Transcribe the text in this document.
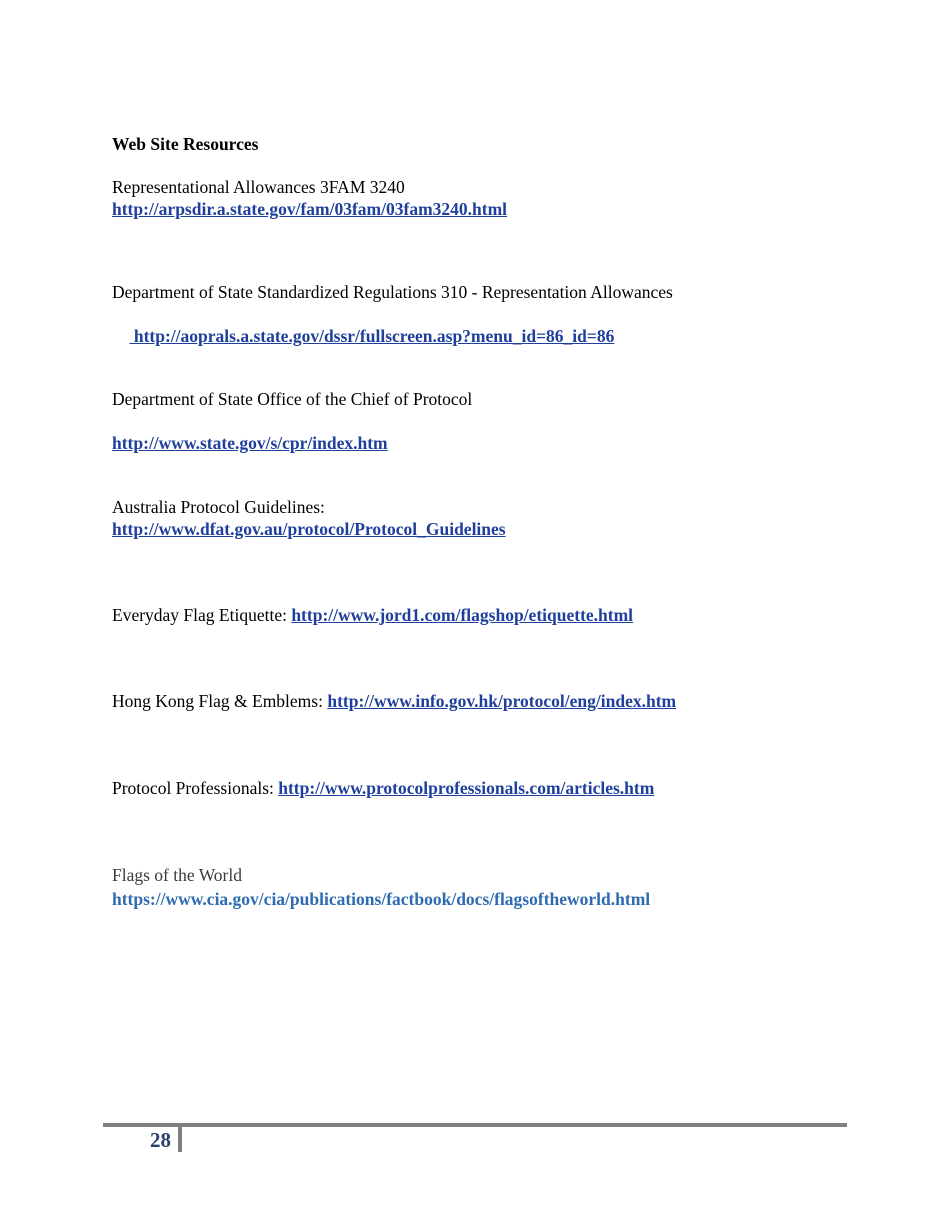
Web Site Resources
Representational Allowances 3FAM 3240
http://arpsdir.a.state.gov/fam/03fam/03fam3240.html
Department of State Standardized Regulations 310 - Representation Allowances

http://aoprals.a.state.gov/dssr/fullscreen.asp?menu_id=86_id=86

Department of State Office of the Chief of Protocol
http://www.state.gov/s/cpr/index.htm
Australia Protocol Guidelines:
http://www.dfat.gov.au/protocol/Protocol_Guidelines
Everyday Flag Etiquette: http://www.jord1.com/flagshop/etiquette.html
Hong Kong Flag & Emblems: http://www.info.gov.hk/protocol/eng/index.htm
Protocol Professionals: http://www.protocolprofessionals.com/articles.htm
Flags of the World
https://www.cia.gov/cia/publications/factbook/docs/flagsoftheworld.html
28
